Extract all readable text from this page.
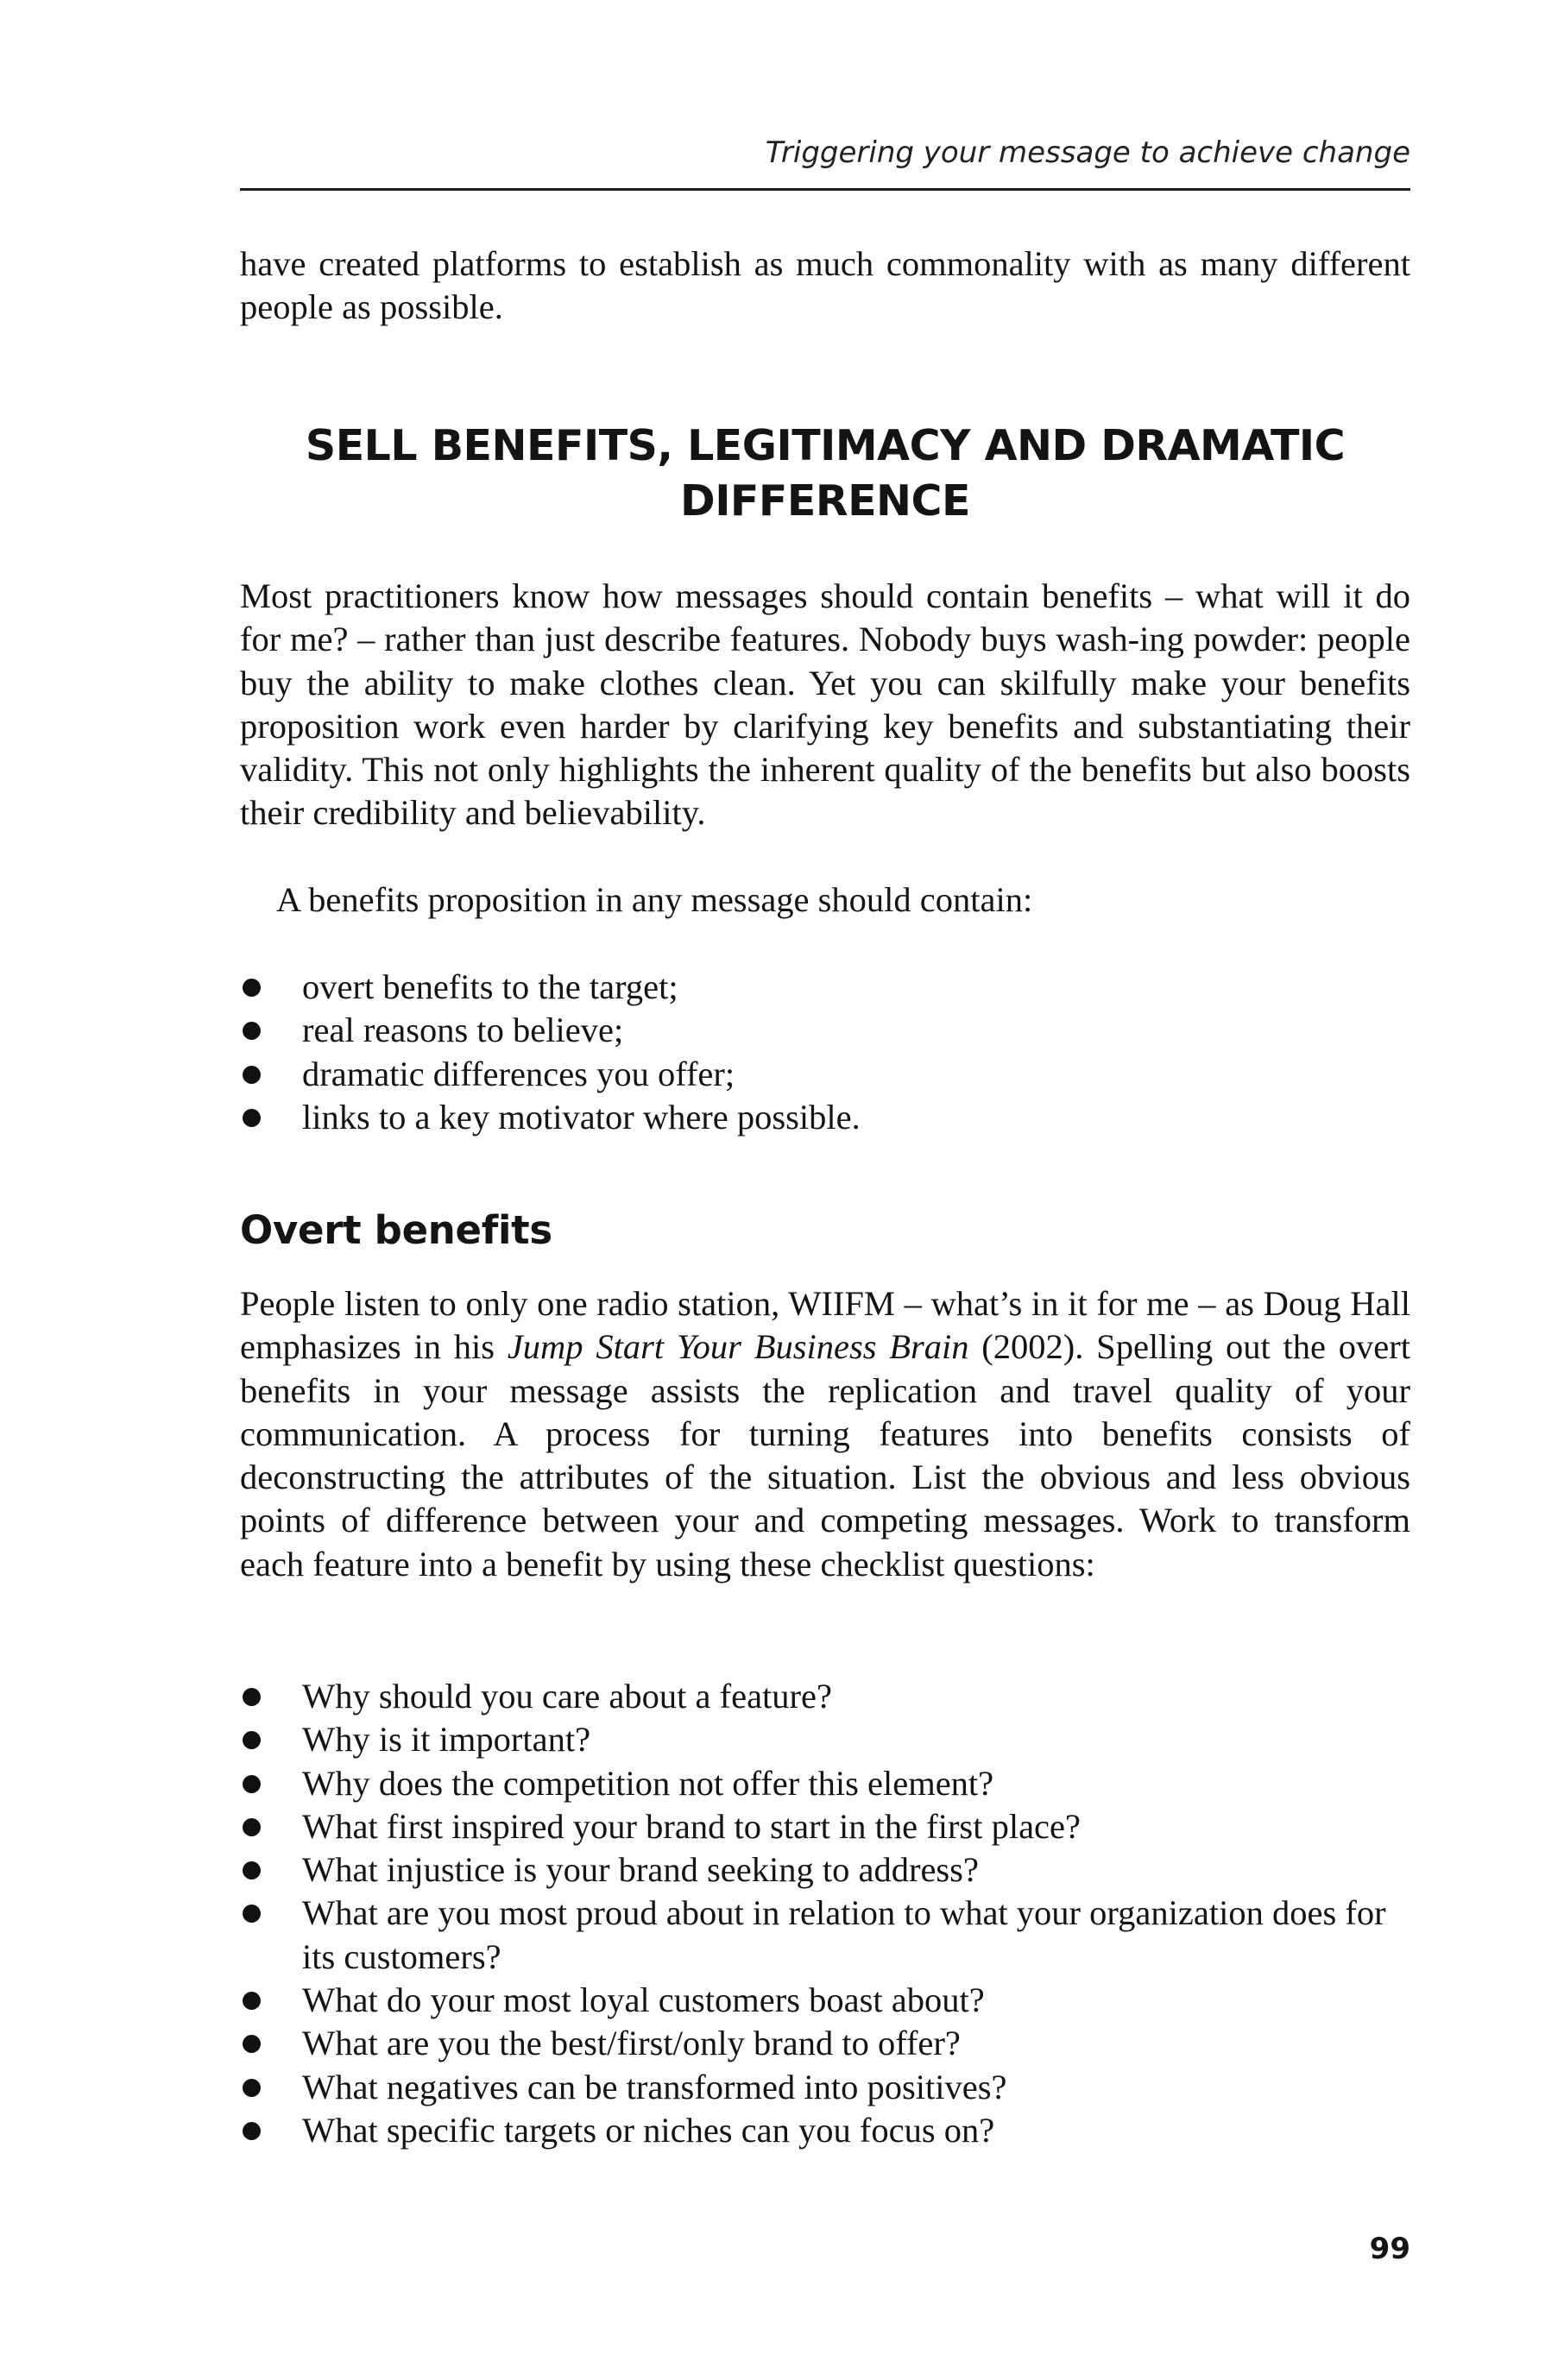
Triggering your message to achieve change

have created platforms to establish as much commonality with as many different people as possible.

SELL BENEFITS, LEGITIMACY AND DRAMATIC
DIFFERENCE

Most practitioners know how messages should contain benefits – what will it do for me? – rather than just describe features. Nobody buys wash-ing powder: people buy the ability to make clothes clean. Yet you can skilfully make your benefits proposition work even harder by clarifying key benefits and substantiating their validity. This not only highlights the inherent quality of the benefits but also boosts their credibility and believability.

A benefits proposition in any message should contain:

overt benefits to the target;
real reasons to believe;
dramatic differences you offer;
links to a key motivator where possible.
Overt benefits

People listen to only one radio station, WIIFM – what’s in it for me – as Doug Hall emphasizes in his Jump Start Your Business Brain (2002). Spelling out the overt benefits in your message assists the replication and travel quality of your communication. A process for turning features into benefits consists of deconstructing the attributes of the situation. List the obvious and less obvious points of difference between your and competing messages. Work to transform each feature into a benefit by using these checklist questions:

Why should you care about a feature?
Why is it important?
Why does the competition not offer this element?
What first inspired your brand to start in the first place?
What injustice is your brand seeking to address?
What are you most proud about in relation to what your organization does for its customers?
What do your most loyal customers boast about?
What are you the best/first/only brand to offer?
What negatives can be transformed into positives?
What specific targets or niches can you focus on?
99
